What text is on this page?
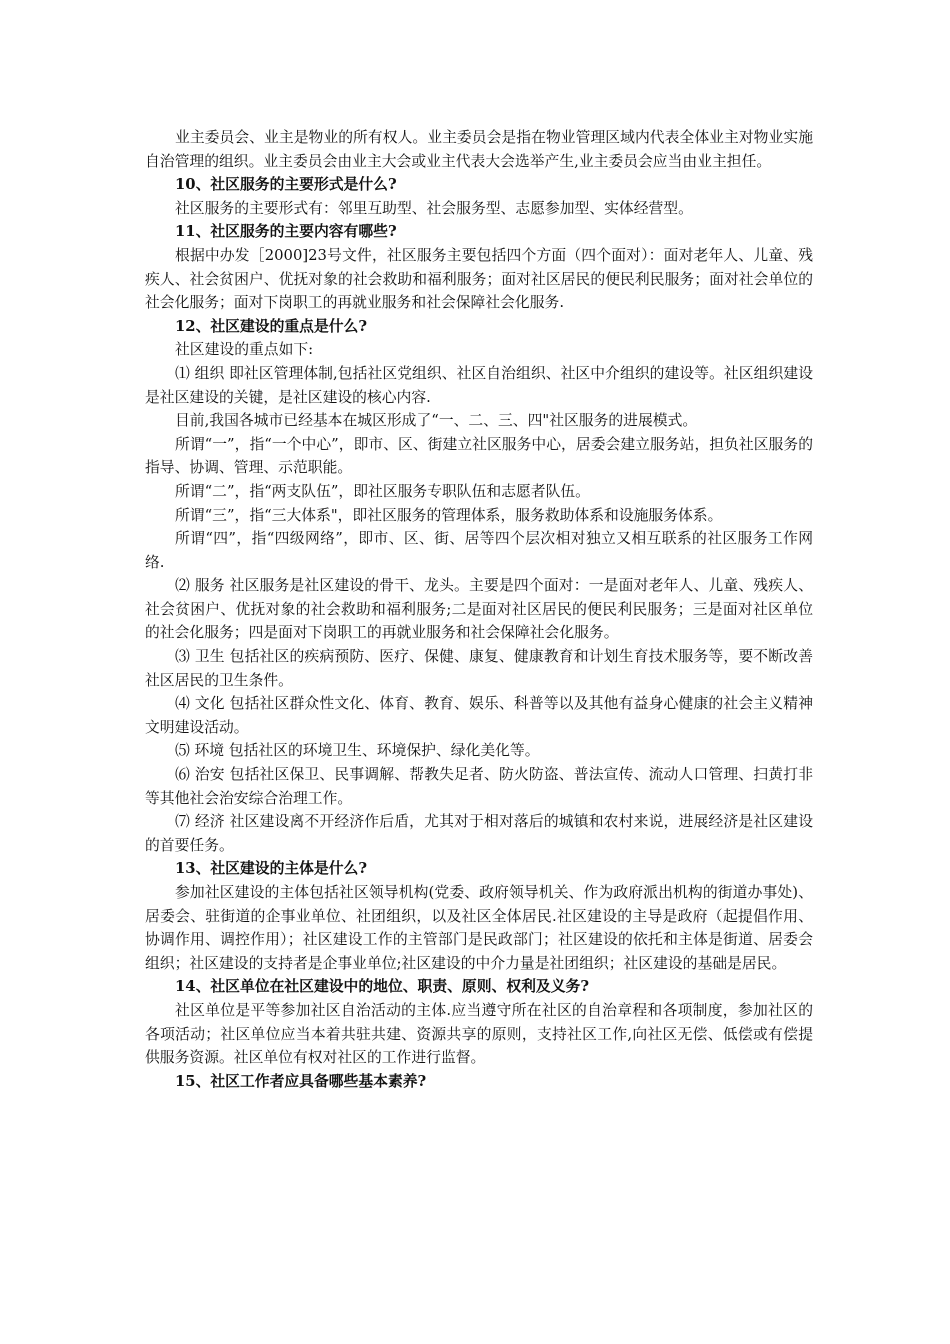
业主委员会、业主是物业的所有权人。业主委员会是指在物业管理区域内代表全体业主对物业实施自治管理的组织。业主委员会由业主大会或业主代表大会选举产生,业主委员会应当由业主担任。

10、社区服务的主要形式是什么?

社区服务的主要形式有：邻里互助型、社会服务型、志愿参加型、实体经营型。

11、社区服务的主要内容有哪些?

根据中办发［2000]23号文件，社区服务主要包括四个方面（四个面对）：面对老年人、儿童、残疾人、社会贫困户、优抚对象的社会救助和福利服务；面对社区居民的便民利民服务；面对社会单位的社会化服务；面对下岗职工的再就业服务和社会保障社会化服务.

12、社区建设的重点是什么?

社区建设的重点如下:

⑴ 组织 即社区管理体制,包括社区党组织、社区自治组织、社区中介组织的建设等。社区组织建设是社区建设的关键，是社区建设的核心内容.

目前,我国各城市已经基本在城区形成了“一、二、三、四"社区服务的进展模式。

所谓“一”，指“一个中心”，即市、区、街建立社区服务中心，居委会建立服务站，担负社区服务的指导、协调、管理、示范职能。

所谓“二”，指“两支队伍”，即社区服务专职队伍和志愿者队伍。

所谓“三”，指“三大体系"，即社区服务的管理体系，服务救助体系和设施服务体系。

所谓“四”，指“四级网络”，即市、区、街、居等四个层次相对独立又相互联系的社区服务工作网络.

⑵ 服务 社区服务是社区建设的骨干、龙头。主要是四个面对：一是面对老年人、儿童、残疾人、社会贫困户、优抚对象的社会救助和福利服务;二是面对社区居民的便民利民服务；三是面对社区单位的社会化服务；四是面对下岗职工的再就业服务和社会保障社会化服务。

⑶ 卫生 包括社区的疾病预防、医疗、保健、康复、健康教育和计划生育技术服务等，要不断改善社区居民的卫生条件。

⑷ 文化 包括社区群众性文化、体育、教育、娱乐、科普等以及其他有益身心健康的社会主义精神文明建设活动。

⑸ 环境 包括社区的环境卫生、环境保护、绿化美化等。

⑹ 治安 包括社区保卫、民事调解、帮教失足者、防火防盗、普法宣传、流动人口管理、扫黄打非等其他社会治安综合治理工作。

⑺ 经济 社区建设离不开经济作后盾，尤其对于相对落后的城镇和农村来说，进展经济是社区建设的首要任务。

13、社区建设的主体是什么?

参加社区建设的主体包括社区领导机构(党委、政府领导机关、作为政府派出机构的街道办事处)、居委会、驻街道的企事业单位、社团组织，以及社区全体居民.社区建设的主导是政府（起提倡作用、协调作用、调控作用）；社区建设工作的主管部门是民政部门；社区建设的依托和主体是街道、居委会组织；社区建设的支持者是企事业单位;社区建设的中介力量是社团组织；社区建设的基础是居民。

14、社区单位在社区建设中的地位、职责、原则、权利及义务?

社区单位是平等参加社区自治活动的主体.应当遵守所在社区的自治章程和各项制度，参加社区的各项活动；社区单位应当本着共驻共建、资源共享的原则，支持社区工作,向社区无偿、低偿或有偿提供服务资源。社区单位有权对社区的工作进行监督。

15、社区工作者应具备哪些基本素养?
